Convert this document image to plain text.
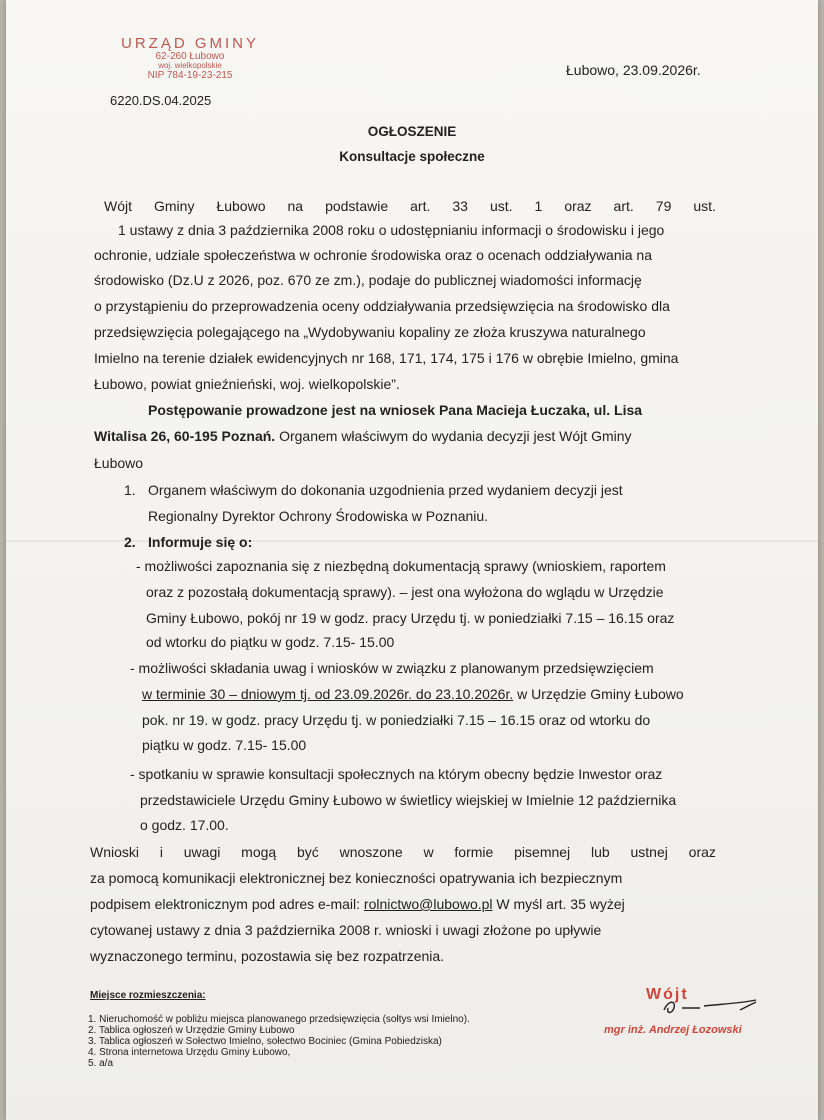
URZĄD GMINY
62-260 Łubowo
woj. wielkopolskie
NIP 784-19-23-215
6220.DS.04.2025
Łubowo, 23.09.2026r.
OGŁOSZENIE
Konsultacje społeczne
Wójt Gminy Łubowo na podstawie art. 33 ust. 1 oraz art. 79 ust.
1 ustawy z dnia 3 października 2008 roku o udostępnianiu informacji o środowisku i jego
ochronie, udziale społeczeństwa w ochronie środowiska oraz o ocenach oddziaływania na
środowisko (Dz.U z 2026, poz. 670 ze zm.), podaje do publicznej wiadomości informację
o przystąpieniu do przeprowadzenia oceny oddziaływania przedsięwzięcia na środowisko dla
przedsięwzięcia polegającego na „Wydobywaniu kopaliny ze złoża kruszywa naturalnego
Imielno na terenie działek ewidencyjnych nr 168, 171, 174, 175 i 176 w obrębie Imielno, gmina
Łubowo, powiat gnieźnieński, woj. wielkopolskie”.
Postępowanie prowadzone jest na wniosek Pana Macieja Łuczaka, ul. Lisa
Witalisa 26, 60-195 Poznań. Organem właściwym do wydania decyzji jest Wójt Gminy
Łubowo
1. Organem właściwym do dokonania uzgodnienia przed wydaniem decyzji jest
Regionalny Dyrektor Ochrony Środowiska w Poznaniu.
2. Informuje się o:
- możliwości zapoznania się z niezbędną dokumentacją sprawy (wnioskiem, raportem
oraz z pozostałą dokumentacją sprawy). – jest ona wyłożona do wglądu w Urzędzie
Gminy Łubowo, pokój nr 19 w godz. pracy Urzędu tj. w poniedziałki 7.15 – 16.15 oraz
od wtorku do piątku w godz. 7.15- 15.00
- możliwości składania uwag i wniosków w związku z planowanym przedsięwzięciem
w terminie 30 – dniowym tj. od 23.09.2026r. do 23.10.2026r. w Urzędzie Gminy Łubowo
pok. nr 19. w godz. pracy Urzędu tj. w poniedziałki 7.15 – 16.15 oraz od wtorku do
piątku w godz. 7.15- 15.00
- spotkaniu w sprawie konsultacji społecznych na którym obecny będzie Inwestor oraz
przedstawiciele Urzędu Gminy Łubowo w świetlicy wiejskiej w Imielnie 12 października
o godz. 17.00.
Wnioski i uwagi mogą być wnoszone w formie pisemnej lub ustnej oraz
za pomocą komunikacji elektronicznej bez konieczności opatrywania ich bezpiecznym
podpisem elektronicznym pod adres e-mail: rolnictwo@lubowo.pl W myśl art. 35 wyżej
cytowanej ustawy z dnia 3 października 2008 r. wnioski i uwagi złożone po upływie
wyznaczonego terminu, pozostawia się bez rozpatrzenia.
Miejsce rozmieszczenia:
1. Nieruchomość w pobliżu miejsca planowanego przedsięwzięcia (sołtys wsi Imielno).
2. Tablica ogłoszeń w Urzędzie Gminy Łubowo
3. Tablica ogłoszeń w Sołectwo Imielno, sołectwo Bociniec (Gmina Pobiedziska)
4. Strona internetowa Urzędu Gminy Łubowo,
5. a/a
Wójt
mgr inż. Andrzej Łozowski
